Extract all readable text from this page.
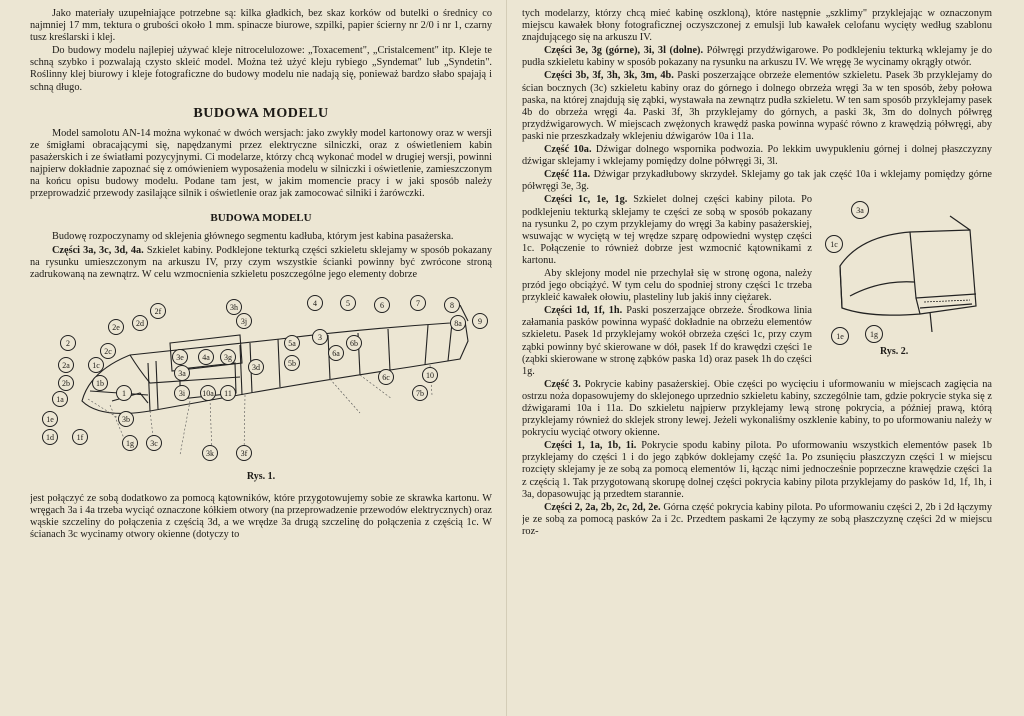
Jako materiały uzupełniające potrzebne są: kilka gładkich, bez skaz korków od butelki o średnicy co najmniej 17 mm, tektura o grubości około 1 mm. spinacze biurowe, szpilki, papier ścierny nr 2/0 i nr 1, czarny tusz kreślarski i klej.

Do budowy modelu najlepiej używać kleje nitrocelulozowe: „Toxacement", „Cristalcement" itp. Kleje te schną szybko i pozwalają czysto skleić model. Można też użyć kleju rybiego „Syndemat" lub „Syndetin". Roślinny klej biurowy i kleje fotograficzne do budowy modelu nie nadają się, ponieważ bardzo słabo spajają i schną długo.

BUDOWA MODELU

Model samolotu AN-14 można wykonać w dwóch wersjach: jako zwykły model kartonowy oraz w wersji ze śmigłami obracającymi się, napędzanymi przez elektryczne silniczki, oraz z oświetleniem kabin pasażerskich i ze światłami pozycyjnymi. Ci modelarze, którzy chcą wykonać model w drugiej wersji, powinni najpierw dokładnie zapoznać się z omówieniem wyposażenia modelu w silniczki i oświetlenie, zamieszczonym na końcu opisu budowy modelu. Podane tam jest, w jakim momencie pracy i w jaki sposób należy przeprowadzić przewody zasilające silnik i oświetlenie oraz jak zamocować silniki i żarówczki.

BUDOWA MODELU

Budowę rozpoczynamy od sklejenia głównego segmentu kadłuba, którym jest kabina pasażerska.

Części 3a, 3c, 3d, 4a. Szkielet kabiny. Podklejone tekturką części szkieletu sklejamy w sposób pokazany na rysunku umieszczonym na arkuszu IV, przy czym wszystkie ścianki powinny być zwrócone stroną zadrukowaną na zewnątrz. W celu wzmocnienia szkieletu poszczególne jego elementy dobrze

2f	3h
3j
4	5	6	7	8
8a	9
3
2d
2e
2c
2
2a
2b
1c
1b
1
1a
1e
1d	1f
1g
3e	4a	3g
3a
3i	10a	11
3d
5a
5b
6a
6b
6c
7b
10
3c
3k	3f
3b
Rys. 1.

jest połączyć ze sobą dodatkowo za pomocą kątowników, które przygotowujemy sobie ze skrawka kartonu. W wręgach 3a i 4a trzeba wyciąć oznaczone kółkiem otwory (na przeprowadzenie przewodów elektrycznych) oraz wąskie szczeliny do połączenia z częścią 3d, a we wrędze 3a drugą szczelinę do połączenia z częścią 1c. W ścianach 3c wycinamy otwory okienne (dotyczy to

tych modelarzy, którzy chcą mieć kabinę oszkloną), które następnie „szklimy" przyklejając w oznaczonym miejscu kawałek błony fotograficznej oczyszczonej z emulsji lub kawałek celofanu wycięty według szablonu znajdującego się na arkuszu IV.

Części 3e, 3g (górne), 3i, 3l (dolne). Półwręgi przydźwigarowe. Po podklejeniu tekturką wklejamy je do pudła szkieletu kabiny w sposób pokazany na rysunku na arkuszu IV. We wręgę 3e wycinamy okrągły otwór.

Części 3b, 3f, 3h, 3k, 3m, 4b. Paski poszerzające obrzeże elementów szkieletu. Pasek 3b przyklejamy do ścian bocznych (3c) szkieletu kabiny oraz do górnego i dolnego obrzeża wręgi 3a w ten sposób, żeby połowa paska, na której znajdują się ząbki, wystawała na zewnątrz pudła szkieletu. W ten sam sposób przyklejamy pasek 4b do obrzeża wręgi 4a. Paski 3f, 3h przyklejamy do górnych, a paski 3k, 3m do dolnych półwręg przydźwigarowych. W miejscach zwężonych krawędź paska powinna wypaść równo z krawędzią półwręgi, aby paski nie przeszkadzały wklejeniu dźwigarów 10a i 11a.

Część 10a. Dźwigar dolnego wspornika podwozia. Po lekkim uwypukleniu górnej i dolnej płaszczyzny dźwigar sklejamy i wklejamy pomiędzy dolne półwręgi 3i, 3l.

Część 11a. Dźwigar przykadłubowy skrzydeł. Sklejamy go tak jak część 10a i wklejamy pomiędzy górne półwręgi 3e, 3g.

3a
1c
1e	1g
Rys. 2.

Części 1c, 1e, 1g. Szkielet dolnej części kabiny pilota. Po podklejeniu tekturką sklejamy te części ze sobą w sposób pokazany na rysunku 2, po czym przyklejamy do wręgi 3a kabiny pasażerskiej, wsuwając w wyciętą w tej wrędze szparę odpowiedni występ części 1c. Połączenie to również dobrze jest wzmocnić kątownikami z kartonu.

Aby sklejony model nie przechylał się w stronę ogona, należy przód jego obciążyć. W tym celu do spodniej strony części 1c trzeba przykleić kawałek ołowiu, plasteliny lub jakiś inny ciężarek.

Części 1d, 1f, 1h. Paski poszerzające obrzeże. Środkowa linia załamania pasków powinna wypaść dokładnie na obrzeżu elementów szkieletu. Pasek 1d przyklejamy wokół obrzeża części 1c, przy czym ząbki powinny być skierowane w dół, pasek 1f do krawędzi części 1e (ząbki skierowane w stronę ząbków paska 1d) oraz pasek 1h do części 1g.

Część 3. Pokrycie kabiny pasażerskiej. Obie części po wycięciu i uformowaniu w miejscach zagięcia na ostrzu noża dopasowujemy do sklejonego uprzednio szkieletu kabiny, szczególnie tam, gdzie pokrycie styka się z dźwigarami 10a i 11a. Do szkieletu najpierw przyklejamy lewą stronę pokrycia, a później prawą, którą przyklejamy również do sklejek strony lewej. Jeżeli wykonaliśmy oszklenie kabiny, to po uformowaniu należy w pokryciu wyciąć otwory okienne.

Części 1, 1a, 1b, 1i. Pokrycie spodu kabiny pilota. Po uformowaniu wszystkich elementów pasek 1b przyklejamy do części 1 i do jego ząbków doklejamy część 1a. Po zsunięciu płaszczyzn części 1 w miejscu rozcięty sklejamy je ze sobą za pomocą elementów 1i, łącząc nimi jednocześnie poprzeczne krawędzie części 1a z częścią 1. Tak przygotowaną skorupę dolnej części pokrycia kabiny pilota przyklejamy do pasków 1d, 1f, 1h, i 3a, dopasowując ją przedtem starannie.

Części 2, 2a, 2b, 2c, 2d, 2e. Górna część pokrycia kabiny pilota. Po uformowaniu części 2, 2b i 2d łączymy je ze sobą za pomocą pasków 2a i 2c. Przedtem paskami 2e łączymy ze sobą płaszczyznę części 2d w miejscu roz-
